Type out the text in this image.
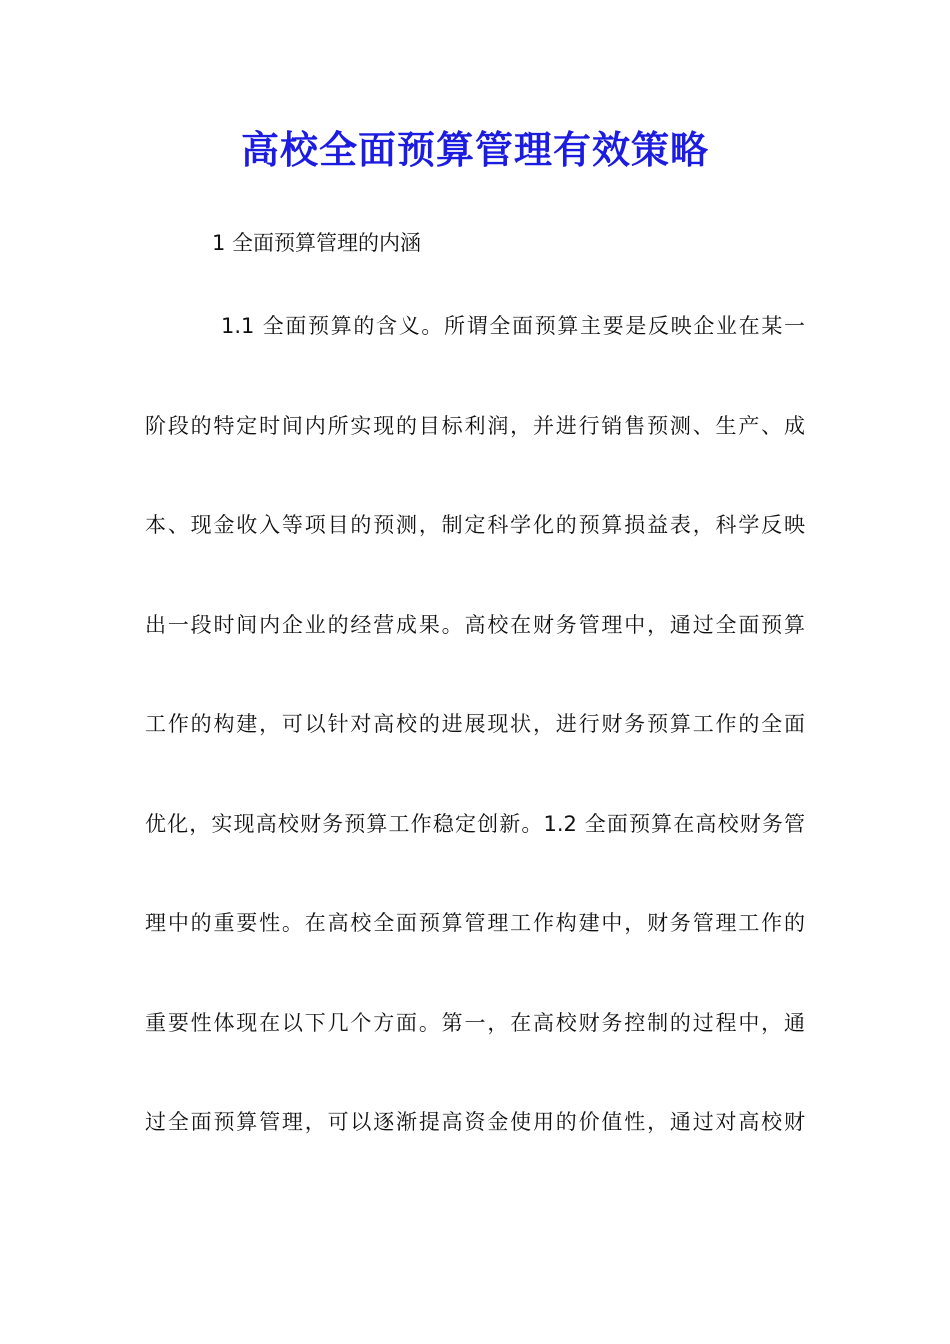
高校全面预算管理有效策略

1 全面预算管理的内涵

1.1 全面预算的含义。所谓全面预算主要是反映企业在某一
阶段的特定时间内所实现的目标利润，并进行销售预测、生产、成
本、现金收入等项目的预测，制定科学化的预算损益表，科学反映
出一段时间内企业的经营成果。高校在财务管理中，通过全面预算
工作的构建，可以针对高校的进展现状，进行财务预算工作的全面
优化，实现高校财务预算工作稳定创新。1.2 全面预算在高校财务管
理中的重要性。在高校全面预算管理工作构建中，财务管理工作的
重要性体现在以下几个方面。第一，在高校财务控制的过程中，通
过全面预算管理，可以逐渐提高资金使用的价值性，通过对高校财
